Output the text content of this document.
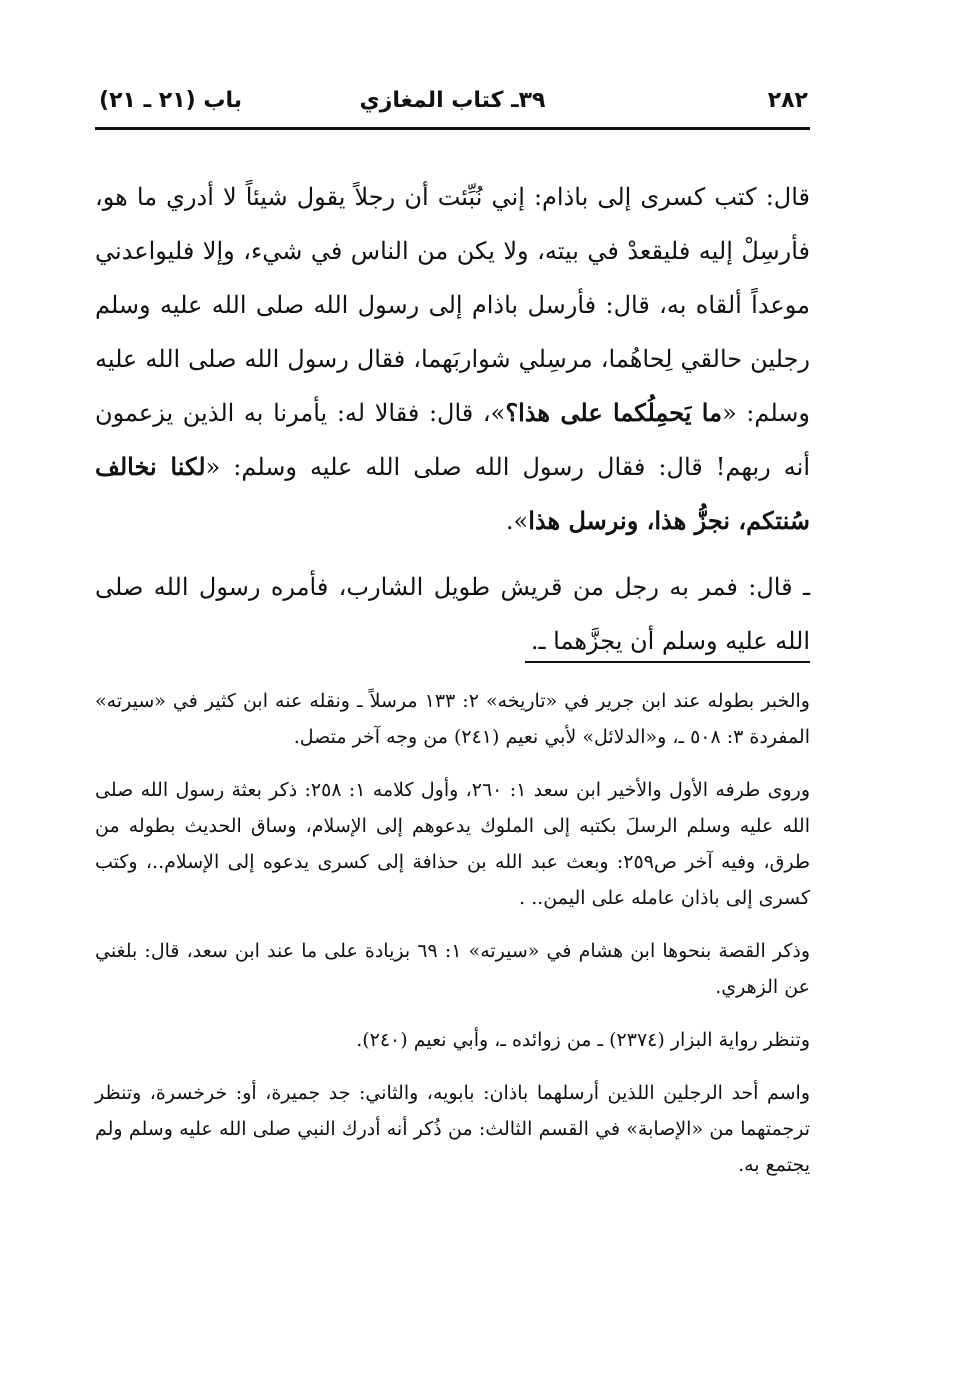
٢٨٢
٣٩ـ كتاب المغازي
باب (٢١ ـ ٢١)

قال: كتب كسرى إلى باذام: إني نُبِّئت أن رجلاً يقول شيئاً لا أدري ما هو، فأرسِلْ إليه فليقعدْ في بيته، ولا يكن من الناس في شيء، وإلا فليواعدني موعداً ألقاه به، قال: فأرسل باذام إلى رسول الله صلى الله عليه وسلم رجلين حالقي لِحاهُما، مرسِلي شواربَهما، فقال رسول الله صلى الله عليه وسلم: «ما يَحمِلُكما على هذا؟»، قال: فقالا له: يأمرنا به الذين يزعمون أنه ربهم! قال: فقال رسول الله صلى الله عليه وسلم: «لكنا نخالف سُنتكم، نجزُّ هذا، ونرسل هذا».

ـ قال: فمر به رجل من قريش طويل الشارب، فأمره رسول الله صلى الله عليه وسلم أن يجزَّهما ـ.

والخبر بطوله عند ابن جرير في «تاريخه» ٢: ١٣٣ مرسلاً ـ ونقله عنه ابن كثير في «سيرته» المفردة ٣: ٥٠٨ ـ، و«الدلائل» لأبي نعيم (٢٤١) من وجه آخر متصل.

وروى طرفه الأول والأخير ابن سعد ١: ٢٦٠، وأول كلامه ١: ٢٥٨: ذكر بعثة رسول الله صلى الله عليه وسلم الرسلَ بكتبه إلى الملوك يدعوهم إلى الإسلام، وساق الحديث بطوله من طرق، وفيه آخر ص٢٥٩: وبعث عبد الله بن حذافة إلى كسرى يدعوه إلى الإسلام..، وكتب كسرى إلى باذان عامله على اليمن.. .

وذكر القصة بنحوها ابن هشام في «سيرته» ١: ٦٩ بزيادة على ما عند ابن سعد، قال: بلغني عن الزهري.

وتنظر رواية البزار (٢٣٧٤) ـ من زوائده ـ، وأبي نعيم (٢٤٠).

واسم أحد الرجلين اللذين أرسلهما باذان: بابويه، والثاني: جد جميرة، أو: خرخسرة، وتنظر ترجمتهما من «الإصابة» في القسم الثالث: من ذُكر أنه أدرك النبي صلى الله عليه وسلم ولم يجتمع به.
